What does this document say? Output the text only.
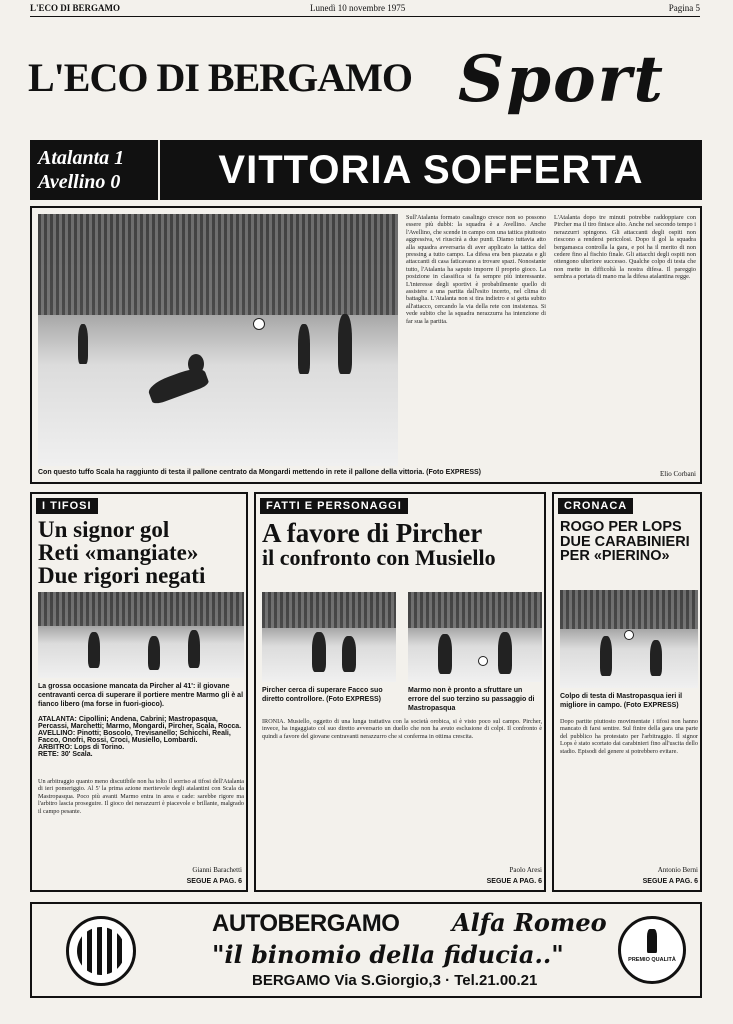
L'ECO DI BERGAMO	Lunedì 10 novembre 1975	Pagina 5
L'ECO DI BERGAMO Sport
Atalanta 1
Avellino 0	VITTORIA SOFFERTA
Con questo tuffo Scala ha raggiunto di testa il pallone centrato da Mongardi mettendo in rete il pallone della vittoria. (Foto EXPRESS)
Sull'Atalanta formato casalingo cresce non so possono essere più dubbi: la squadra è a Avellino. Anche l'Avellino, che scende in campo con una tattica piuttosto aggressiva, vi riuscirà a due punti. Diamo tuttavia atto alla squadra avversaria di aver applicato la tattica del pressing a tutto campo. La difesa era ben piazzata e gli attaccanti di casa faticavano a trovare spazi. Nonostante tutto, l'Atalanta ha saputo imporre il proprio gioco. La posizione in classifica si fa sempre più interessante. L'interesse degli sportivi è probabilmente quello di assistere a una partita dall'esito incerto, nel clima di battaglia. L'Atalanta non si tira indietro e si getta subito all'attacco, cercando la via della rete con insistenza. Si vede subito che la squadra nerazzurra ha intenzione di far sua la partita.
L'Atalanta dopo tre minuti potrebbe raddoppiare con Pircher ma il tiro finisce alto. Anche nel secondo tempo i nerazzurri spingono. Gli attaccanti degli ospiti non riescono a rendersi pericolosi. Dopo il gol la squadra bergamasca controlla la gara, e poi ha il merito di non cedere fino al fischio finale. Gli attacchi degli ospiti non ottengono ulteriore successo. Qualche colpo di testa che non mette in difficoltà la nostra difesa. Il pareggio sembra a portata di mano ma la difesa atalantina regge.
Elio Corbani
I TIFOSI
Un signor gol
Reti «mangiate»
Due rigori negati
La grossa occasione mancata da Pircher al 41': il giovane centravanti cerca di superare il portiere mentre Marmo gli è al fianco libero (ma forse in fuori-gioco).
ATALANTA: Cipollini; Andena, Cabrini; Mastropasqua, Percassi, Marchetti; Marmo, Mongardi, Pircher, Scala, Rocca.
AVELLINO: Pinotti; Boscolo, Trevisanello; Schicchi, Reali, Facco, Onofri, Rossi, Croci, Musiello, Lombardi.
ARBITRO: Lops di Torino.
RETE: 30' Scala.
Un arbitraggio quanto meno discutibile non ha tolto il sorriso ai tifosi dell'Atalanta di ieri pomeriggio. Al 5' la prima azione meritevole degli atalantini con Scala da Mastropasqua. Poco più avanti Marmo entra in area e cade: sarebbe rigore ma l'arbitro lascia proseguire. Il gioco dei nerazzurri è piacevole e brillante, malgrado il campo pesante.
Gianni Barachetti
SEGUE A PAG. 6
FATTI E PERSONAGGI
A favore di Pircher
il confronto con Musiello
Pircher cerca di superare Facco suo diretto controllore. (Foto EXPRESS)
Marmo non è pronto a sfruttare un errore del suo terzino su passaggio di Mastropasqua
IRONIA. Musiello, oggetto di una lunga trattativa con la società orobica, si è visto poco sul campo. Pircher, invece, ha ingaggiato col suo diretto avversario un duello che non ha avuto esclusione di colpi. Il confronto è quindi a favore del giovane centravanti nerazzurro che si conferma in ottima crescita.
Paolo Aresi
SEGUE A PAG. 6
CRONACA
ROGO PER LOPS
DUE CARABINIERI
PER «PIERINO»
Colpo di testa di Mastropasqua ieri il migliore in campo. (Foto EXPRESS)
Dopo partite piuttosto movimentate i tifosi non hanno mancato di farsi sentire. Sul finire della gara una parte del pubblico ha protestato per l'arbitraggio. Il signor Lops è stato scortato dai carabinieri fino all'uscita dello stadio. Episodi del genere si potrebbero evitare.
Antonio Berni
SEGUE A PAG. 6
AUTOBERGAMO Alfa Romeo
"il binomio della fiducia.."
BERGAMO Via S.Giorgio,3 · Tel.21.00.21
PREMIO QUALITÀ
